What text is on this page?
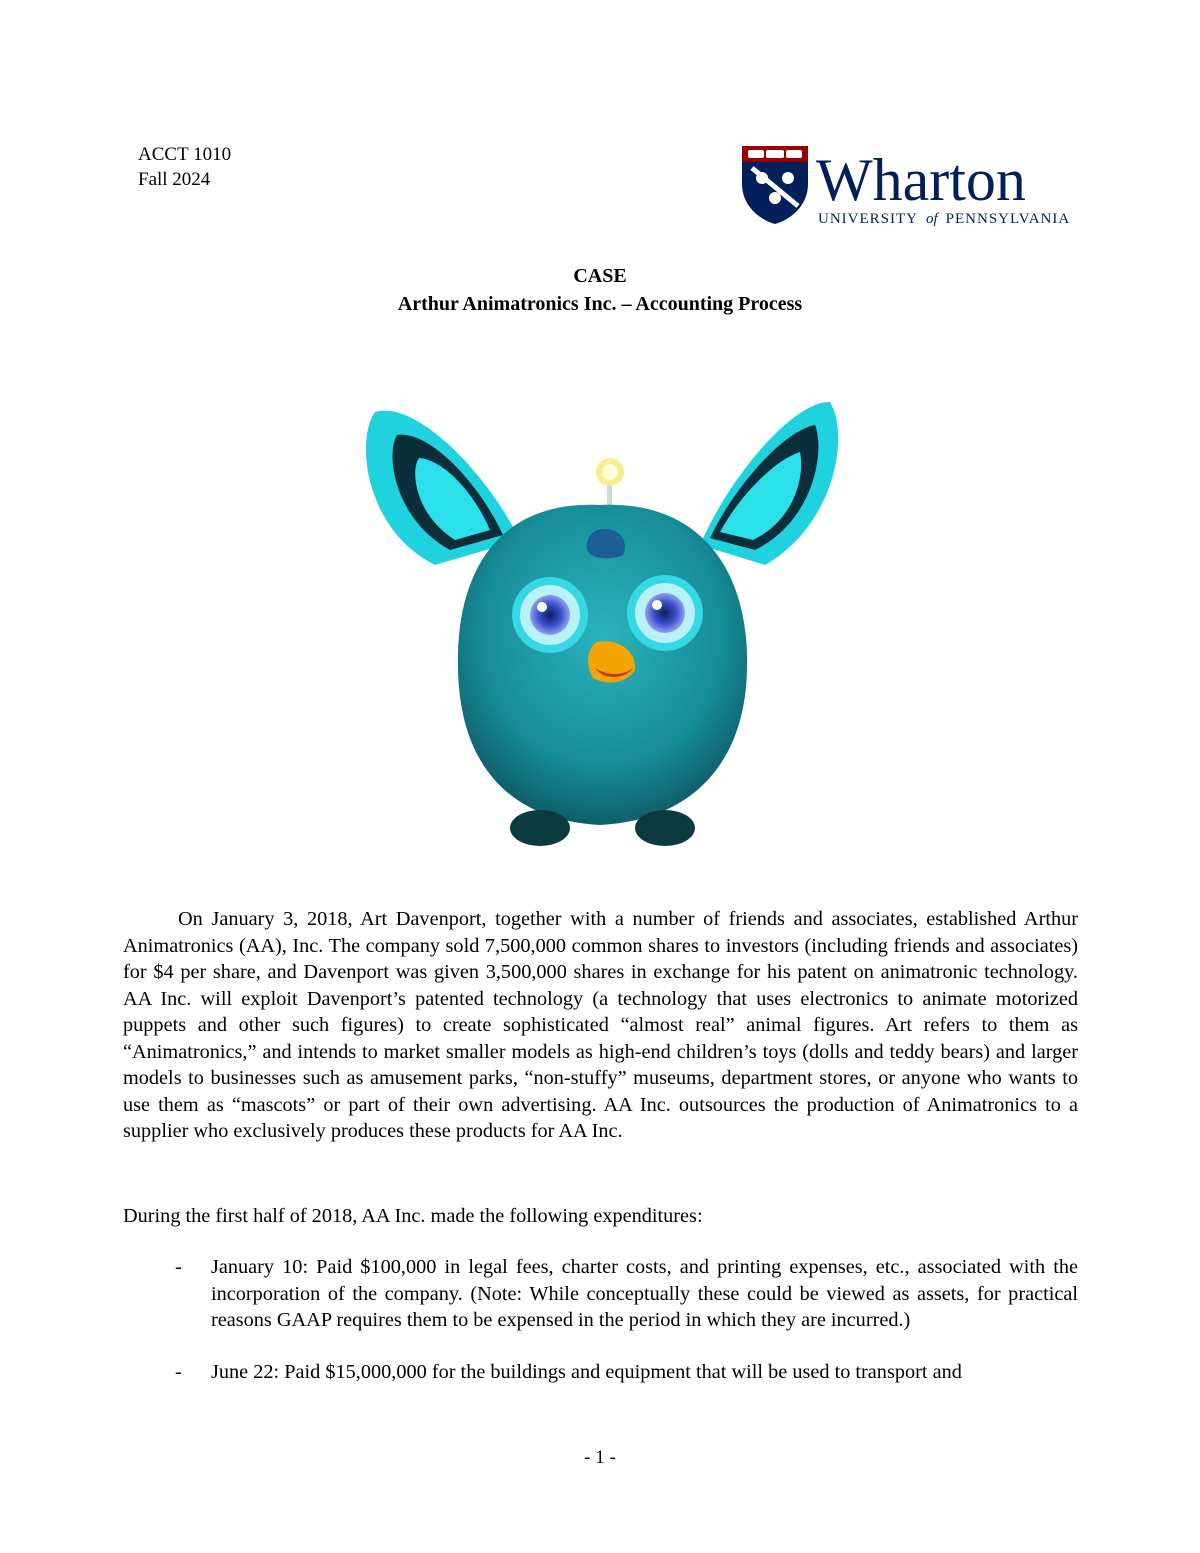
ACCT 1010
Fall 2024	Wharton
UNIVERSITY of PENNSYLVANIA
CASE
Arthur Animatronics Inc. – Accounting Process
On January 3, 2018, Art Davenport, together with a number of friends and associates, established Arthur Animatronics (AA), Inc. The company sold 7,500,000 common shares to investors (including friends and associates) for $4 per share, and Davenport was given 3,500,000 shares in exchange for his patent on animatronic technology. AA Inc. will exploit Davenport’s patented technology (a technology that uses electronics to animate motorized puppets and other such figures) to create sophisticated “almost real” animal figures. Art refers to them as “Animatronics,” and intends to market smaller models as high-end children’s toys (dolls and teddy bears) and larger models to businesses such as amusement parks, “non-stuffy” museums, department stores, or anyone who wants to use them as “mascots” or part of their own advertising. AA Inc. outsources the production of Animatronics to a supplier who exclusively produces these products for AA Inc.
During the first half of 2018, AA Inc. made the following expenditures:
-	January 10: Paid $100,000 in legal fees, charter costs, and printing expenses, etc., associated with the incorporation of the company. (Note: While conceptually these could be viewed as assets, for practical reasons GAAP requires them to be expensed in the period in which they are incurred.)
-	June 22: Paid $15,000,000 for the buildings and equipment that will be used to transport and
- 1 -
